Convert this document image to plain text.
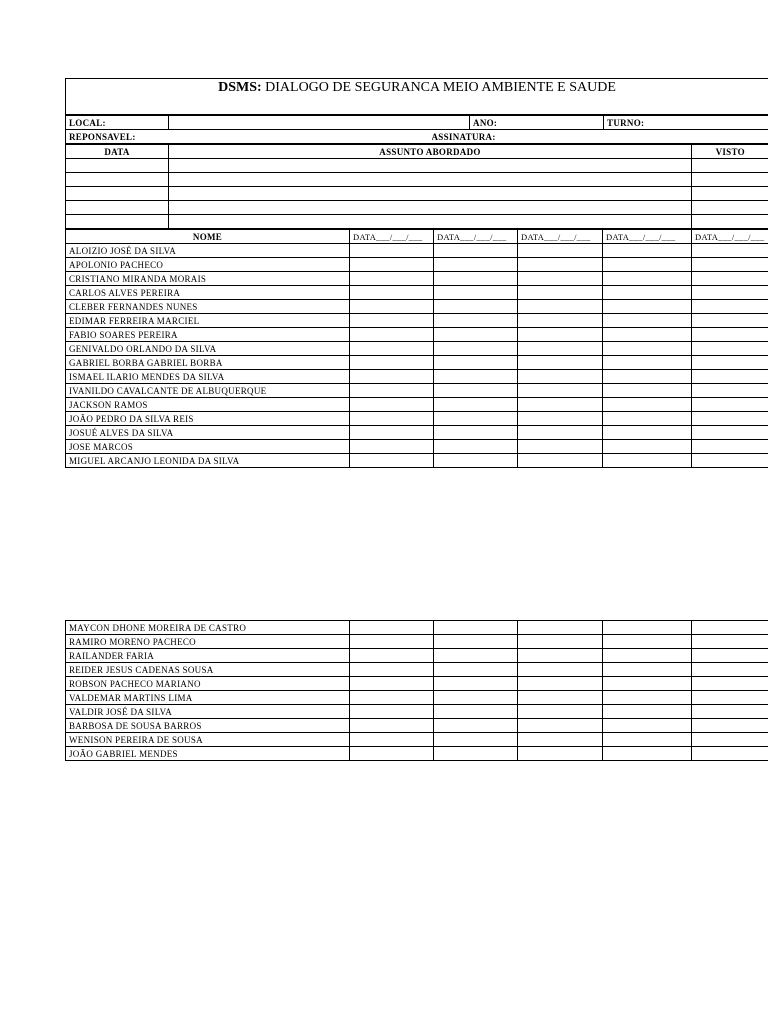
DSMS: DIALOGO DE SEGURANCA MEIO AMBIENTE E SAUDE
LOCAL:			ANO:	TURNO:
REPONSAVEL:		ASSINATURA:		
DATA	ASSUNTO ABORDADO	VISTO

NOME	DATA___/___/___	DATA___/___/___	DATA___/___/___	DATA___/___/___	DATA___/___/___
ALOIZIO JOSÉ DA SILVA					
APOLONIO PACHECO					
CRISTIANO MIRANDA MORAIS					
CARLOS ALVES PEREIRA					
CLEBER FERNANDES NUNES					
EDIMAR FERREIRA MARCIEL					
FABIO SOARES PEREIRA					
GENIVALDO ORLANDO DA SILVA					
GABRIEL BORBA GABRIEL BORBA					
ISMAEL ILARIO MENDES DA SILVA					
IVANILDO CAVALCANTE DE ALBUQUERQUE					
JACKSON RAMOS					
JOÃO PEDRO DA SILVA REIS					
JOSUÉ ALVES DA SILVA					
JOSE MARCOS					
MIGUEL ARCANJO LEONIDA DA SILVA					
MAYCON DHONE MOREIRA DE CASTRO					
RAMIRO MORENO PACHECO					
RAILANDER FARIA					
REIDER JESUS CADENAS SOUSA					
ROBSON PACHECO MARIANO					
VALDEMAR MARTINS LIMA					
VALDIR JOSÉ DA SILVA					
BARBOSA DE SOUSA BARROS					
WENISON PEREIRA DE SOUSA					
JOÃO GABRIEL MENDES					
